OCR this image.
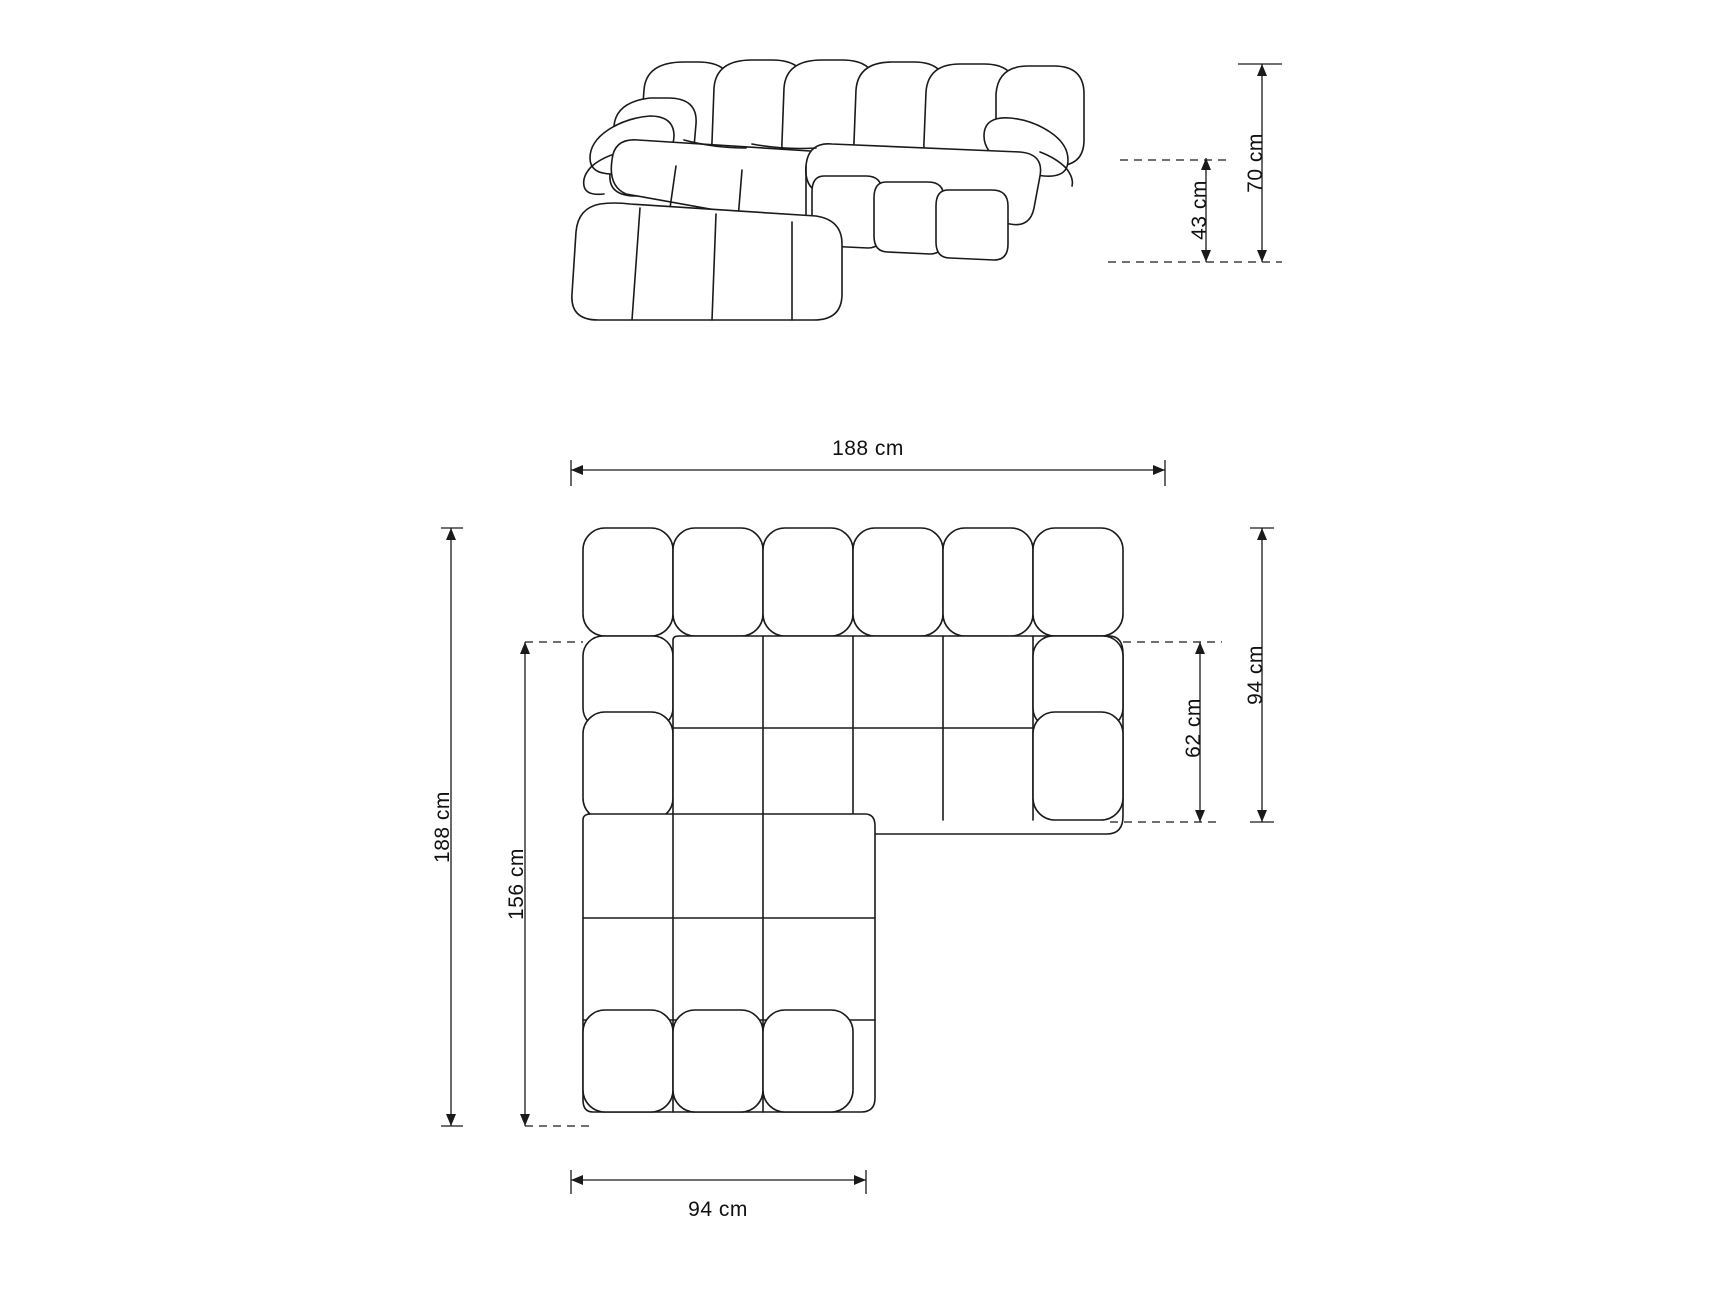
70 cm
43 cm
188 cm
188 cm
156 cm
94 cm
62 cm
94 cm
